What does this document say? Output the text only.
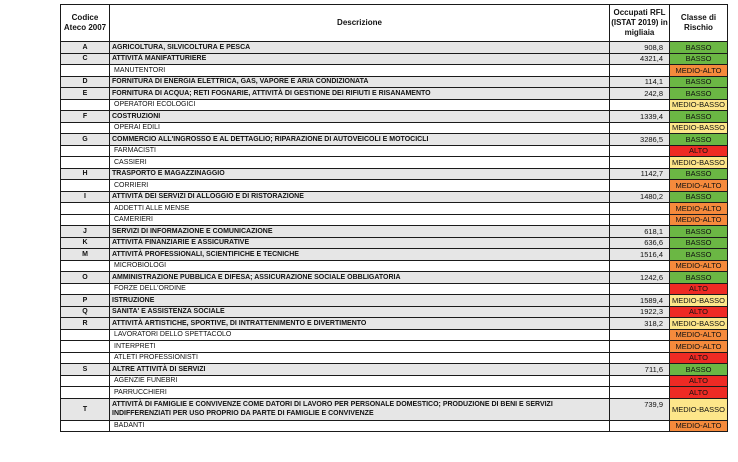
Codice Ateco 2007	Descrizione	Occupati RFL (ISTAT 2019) in migliaia	Classe di Rischio
A	AGRICOLTURA, SILVICOLTURA E PESCA	908,8	BASSO
C	ATTIVITÀ MANIFATTURIERE	4321,4	BASSO
	MANUTENTORI		MEDIO-ALTO
D	FORNITURA DI ENERGIA ELETTRICA, GAS, VAPORE E ARIA CONDIZIONATA	114,1	BASSO
E	FORNITURA DI ACQUA; RETI FOGNARIE, ATTIVITÀ DI GESTIONE DEI RIFIUTI E RISANAMENTO	242,8	BASSO
	OPERATORI ECOLOGICI		MEDIO-BASSO
F	COSTRUZIONI	1339,4	BASSO
	OPERAI EDILI		MEDIO-BASSO
G	COMMERCIO ALL'INGROSSO E AL DETTAGLIO; RIPARAZIONE DI AUTOVEICOLI E MOTOCICLI	3286,5	BASSO
	FARMACISTI		ALTO
	CASSIERI		MEDIO-BASSO
H	TRASPORTO E MAGAZZINAGGIO	1142,7	BASSO
	CORRIERI		MEDIO-ALTO
I	ATTIVITÀ DEI SERVIZI DI ALLOGGIO E DI RISTORAZIONE	1480,2	BASSO
	ADDETTI ALLE MENSE		MEDIO-ALTO
	CAMERIERI		MEDIO-ALTO
J	SERVIZI DI INFORMAZIONE E COMUNICAZIONE	618,1	BASSO
K	ATTIVITÀ FINANZIARIE E ASSICURATIVE	636,6	BASSO
M	ATTIVITÀ PROFESSIONALI, SCIENTIFICHE E TECNICHE	1516,4	BASSO
	MICROBIOLOGI		MEDIO-ALTO
O	AMMINISTRAZIONE PUBBLICA E DIFESA; ASSICURAZIONE SOCIALE OBBLIGATORIA	1242,6	BASSO
	FORZE DELL'ORDINE		ALTO
P	ISTRUZIONE	1589,4	MEDIO-BASSO
Q	SANITA' E ASSISTENZA SOCIALE	1922,3	ALTO
R	ATTIVITÀ ARTISTICHE, SPORTIVE, DI INTRATTENIMENTO E DIVERTIMENTO	318,2	MEDIO-BASSO
	LAVORATORI DELLO SPETTACOLO		MEDIO-ALTO
	INTERPRETI		MEDIO-ALTO
	ATLETI PROFESSIONISTI		ALTO
S	ALTRE ATTIVITÀ DI SERVIZI	711,6	BASSO
	AGENZIE FUNEBRI		ALTO
	PARRUCCHIERI		ALTO
T	ATTIVITÀ DI FAMIGLIE E CONVIVENZE COME DATORI DI LAVORO PER PERSONALE DOMESTICO; PRODUZIONE DI BENI E SERVIZI INDIFFERENZIATI PER USO PROPRIO DA PARTE DI FAMIGLIE E CONVIVENZE	739,9	MEDIO-BASSO
	BADANTI		MEDIO-ALTO
